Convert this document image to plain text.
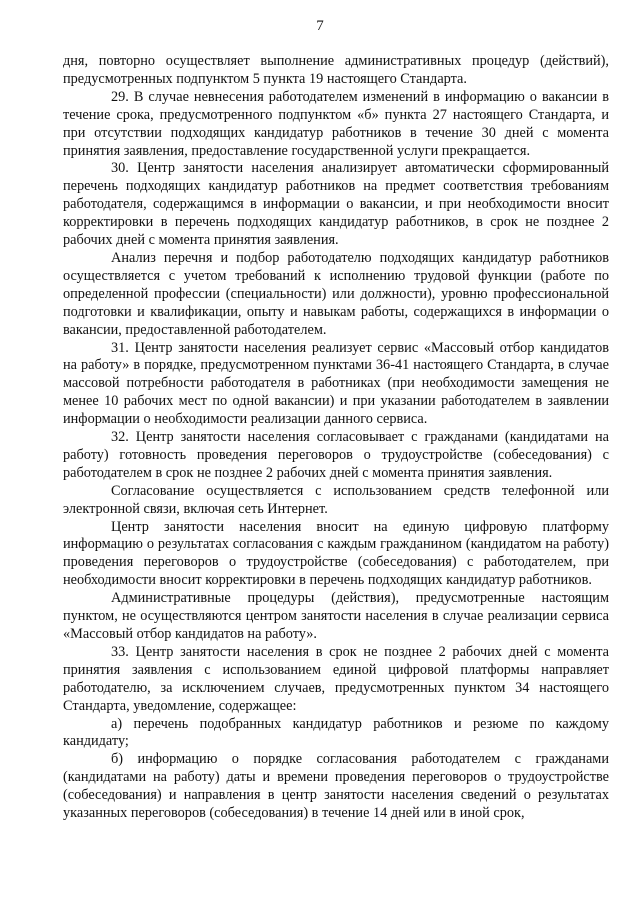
7

дня, повторно осуществляет выполнение административных процедур (действий), предусмотренных подпунктом 5 пункта 19 настоящего Стандарта.

29. В случае невнесения работодателем изменений в информацию о вакансии в течение срока, предусмотренного подпунктом «б» пункта 27 настоящего Стандарта, и при отсутствии подходящих кандидатур работников в течение 30 дней с момента принятия заявления, предоставление государственной услуги прекращается.

30. Центр занятости населения анализирует автоматически сформированный перечень подходящих кандидатур работников на предмет соответствия требованиям работодателя, содержащимся в информации о вакансии, и при необходимости вносит корректировки в перечень подходящих кандидатур работников, в срок не позднее 2 рабочих дней с момента принятия заявления.

Анализ перечня и подбор работодателю подходящих кандидатур работников осуществляется с учетом требований к исполнению трудовой функции (работе по определенной профессии (специальности) или должности), уровню профессиональной подготовки и квалификации, опыту и навыкам работы, содержащихся в информации о вакансии, предоставленной работодателем.

31. Центр занятости населения реализует сервис «Массовый отбор кандидатов на работу» в порядке, предусмотренном пунктами 36-41 настоящего Стандарта, в случае массовой потребности работодателя в работниках (при необходимости замещения не менее 10 рабочих мест по одной вакансии) и при указании работодателем в заявлении информации о необходимости реализации данного сервиса.

32. Центр занятости населения согласовывает с гражданами (кандидатами на работу) готовность проведения переговоров о трудоустройстве (собеседования) с работодателем в срок не позднее 2 рабочих дней с момента принятия заявления.

Согласование осуществляется с использованием средств телефонной или электронной связи, включая сеть Интернет.

Центр занятости населения вносит на единую цифровую платформу информацию о результатах согласования с каждым гражданином (кандидатом на работу) проведения переговоров о трудоустройстве (собеседования) с работодателем, при необходимости вносит корректировки в перечень подходящих кандидатур работников.

Административные процедуры (действия), предусмотренные настоящим пунктом, не осуществляются центром занятости населения в случае реализации сервиса «Массовый отбор кандидатов на работу».

33. Центр занятости населения в срок не позднее 2 рабочих дней с момента принятия заявления с использованием единой цифровой платформы направляет работодателю, за исключением случаев, предусмотренных пунктом 34 настоящего Стандарта, уведомление, содержащее:

а) перечень подобранных кандидатур работников и резюме по каждому кандидату;

б) информацию о порядке согласования работодателем с гражданами (кандидатами на работу) даты и времени проведения переговоров о трудоустройстве (собеседования) и направления в центр занятости населения сведений о результатах указанных переговоров (собеседования) в течение 14 дней или в иной срок,
